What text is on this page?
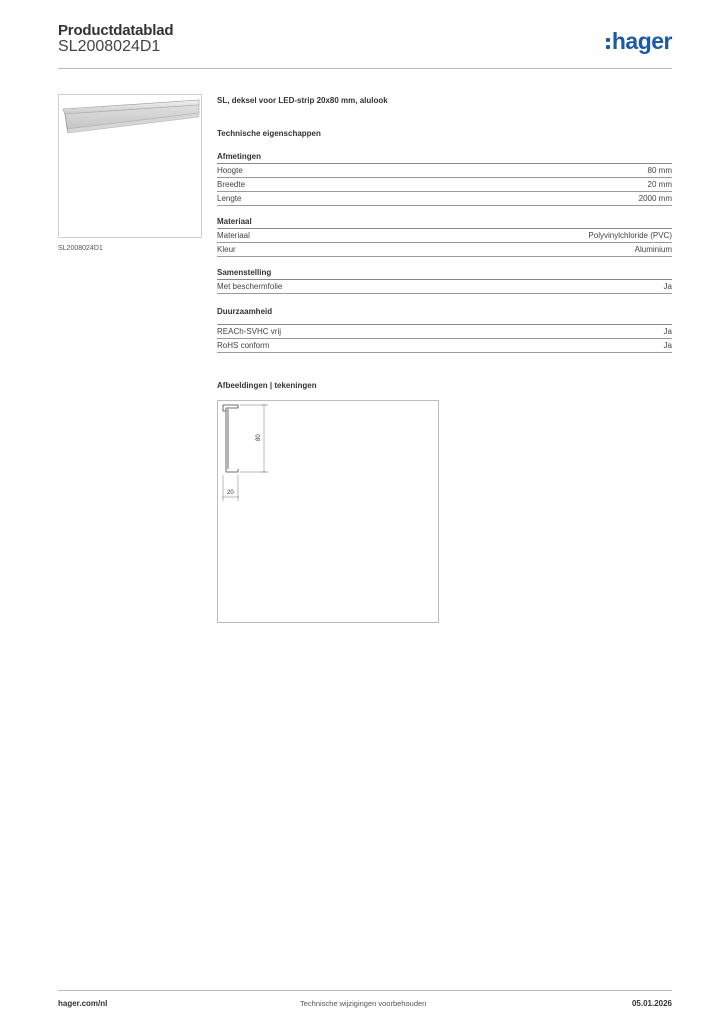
Productdatablad
SL2008024D1	hager
SL2008024D1
SL, deksel voor LED-strip 20x80 mm, alulook
Technische eigenschappen
Afmetingen
Hoogte	80 mm
Breedte	20 mm
Lengte	2000 mm
Materiaal
Materiaal	Polyvinylchloride (PVC)
Kleur	Aluminium
Samenstelling
Met beschermfolie	Ja
Duurzaamheid
REACh-SVHC vrij	Ja
RoHS conform	Ja
Afbeeldingen | tekeningen
80
20
hager.com/nl	Technische wijzigingen voorbehouden	05.01.2026
